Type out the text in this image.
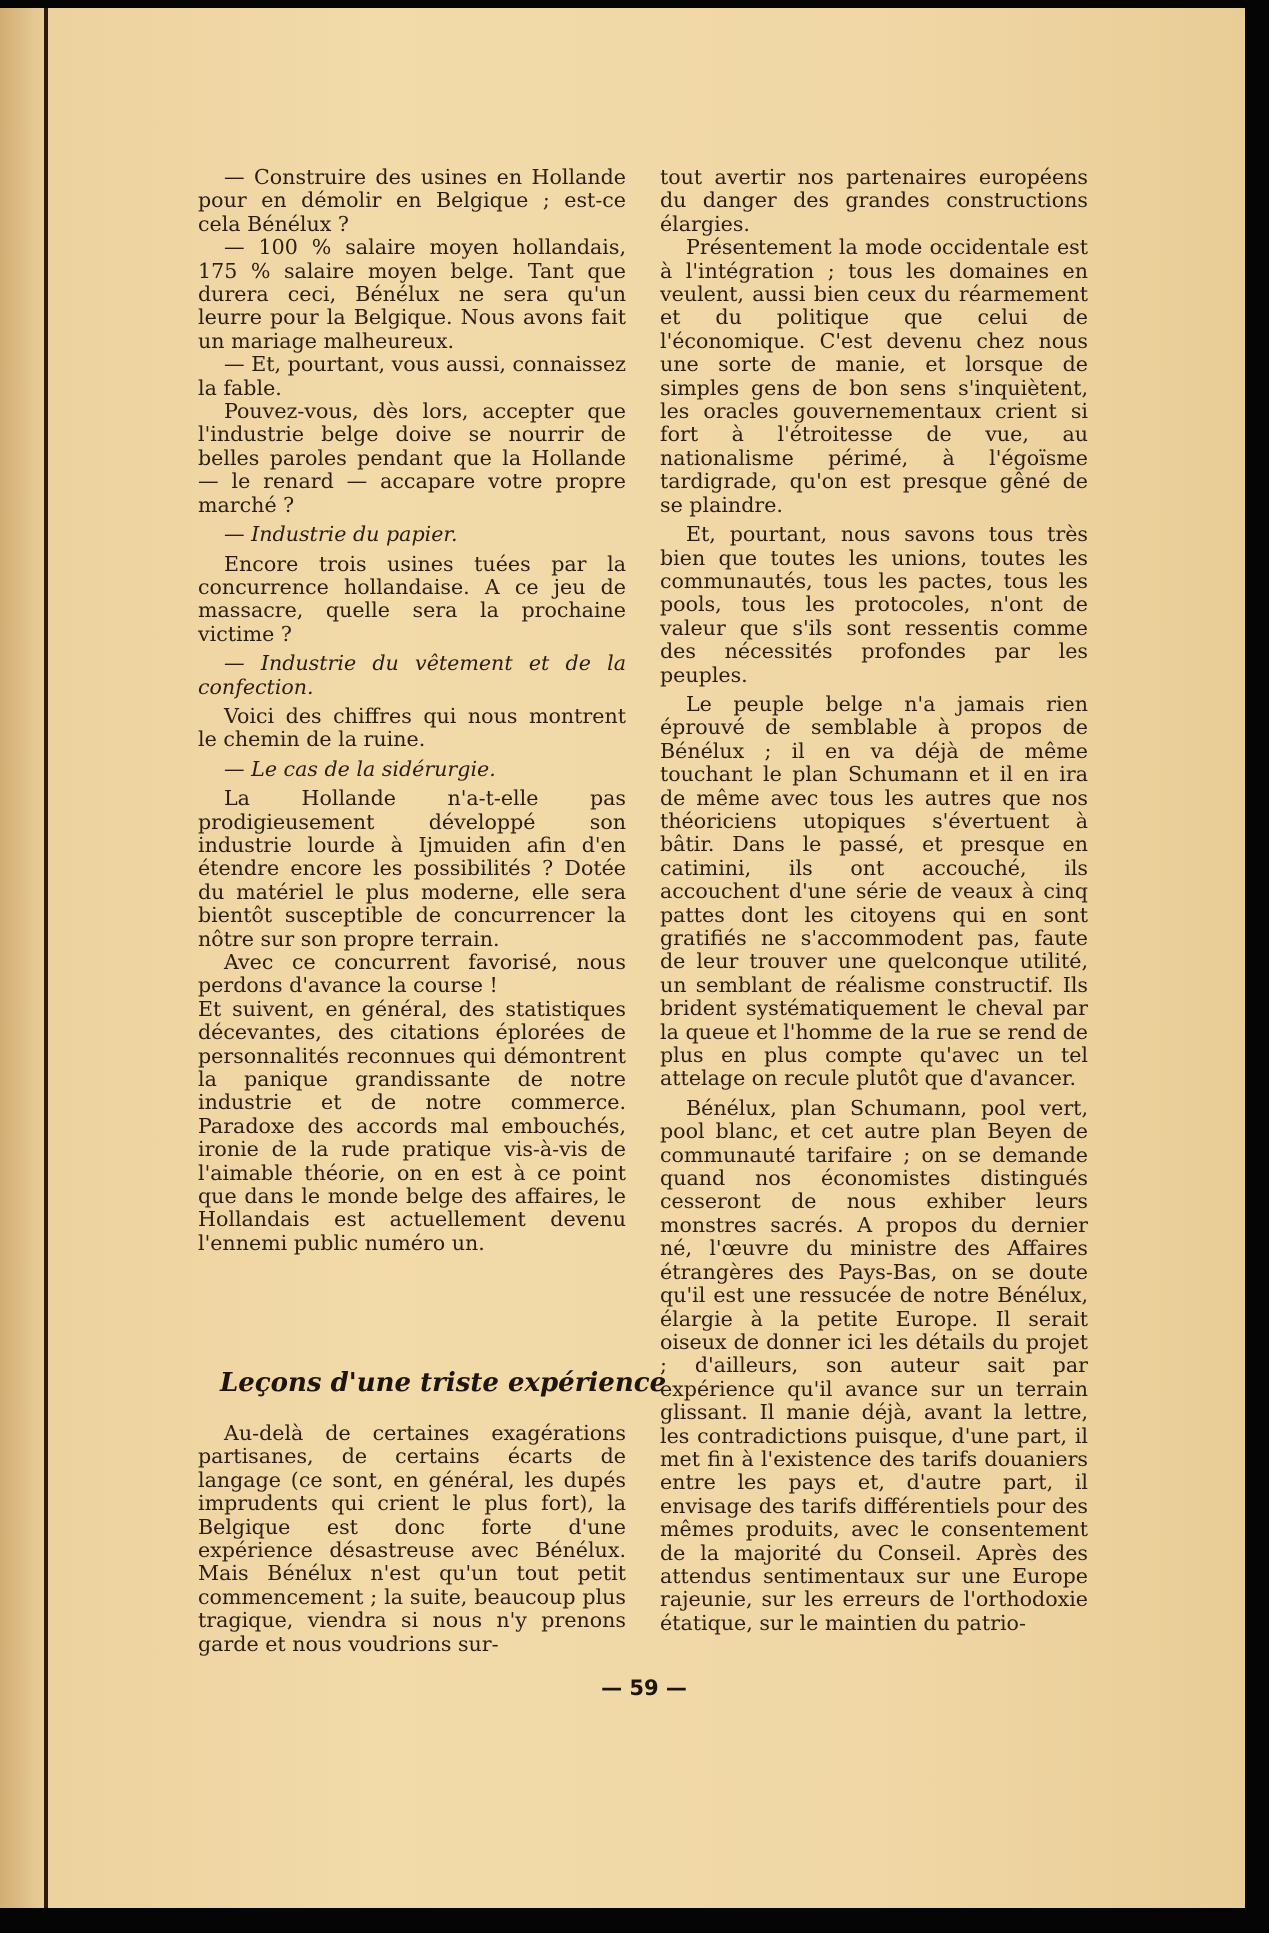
— Construire des usines en Hollande pour en démolir en Belgique ; est-ce cela Bénélux ?

— 100 % salaire moyen hollandais, 175 % salaire moyen belge. Tant que durera ceci, Bénélux ne sera qu'un leurre pour la Belgique. Nous avons fait un mariage malheureux.

— Et, pourtant, vous aussi, connaissez la fable.

Pouvez-vous, dès lors, accepter que l'industrie belge doive se nourrir de belles paroles pendant que la Hollande — le renard — accapare votre propre marché ?

— Industrie du papier.

Encore trois usines tuées par la concurrence hollandaise. A ce jeu de massacre, quelle sera la prochaine victime ?

— Industrie du vêtement et de la confection.

Voici des chiffres qui nous montrent le chemin de la ruine.

— Le cas de la sidérurgie.

La Hollande n'a-t-elle pas prodigieusement développé son industrie lourde à Ijmuiden afin d'en étendre encore les possibilités ? Dotée du matériel le plus moderne, elle sera bientôt susceptible de concurrencer la nôtre sur son propre terrain.

Avec ce concurrent favorisé, nous perdons d'avance la course !

Et suivent, en général, des statistiques décevantes, des citations éplorées de personnalités reconnues qui démontrent la panique grandissante de notre industrie et de notre commerce. Paradoxe des accords mal embouchés, ironie de la rude pratique vis-à-vis de l'aimable théorie, on en est à ce point que dans le monde belge des affaires, le Hollandais est actuellement devenu l'ennemi public numéro un.

Leçons d'une triste expérience

Au-delà de certaines exagérations partisanes, de certains écarts de langage (ce sont, en général, les dupés imprudents qui crient le plus fort), la Belgique est donc forte d'une expérience désastreuse avec Bénélux. Mais Bénélux n'est qu'un tout petit commencement ; la suite, beaucoup plus tragique, viendra si nous n'y prenons garde et nous voudrions sur-

tout avertir nos partenaires européens du danger des grandes constructions élargies.

Présentement la mode occidentale est à l'intégration ; tous les domaines en veulent, aussi bien ceux du réarmement et du politique que celui de l'économique. C'est devenu chez nous une sorte de manie, et lorsque de simples gens de bon sens s'inquiètent, les oracles gouvernementaux crient si fort à l'étroitesse de vue, au nationalisme périmé, à l'égoïsme tardigrade, qu'on est presque gêné de se plaindre.

Et, pourtant, nous savons tous très bien que toutes les unions, toutes les communautés, tous les pactes, tous les pools, tous les protocoles, n'ont de valeur que s'ils sont ressentis comme des nécessités profondes par les peuples.

Le peuple belge n'a jamais rien éprouvé de semblable à propos de Bénélux ; il en va déjà de même touchant le plan Schumann et il en ira de même avec tous les autres que nos théoriciens utopiques s'évertuent à bâtir. Dans le passé, et presque en catimini, ils ont accouché, ils accouchent d'une série de veaux à cinq pattes dont les citoyens qui en sont gratifiés ne s'accommodent pas, faute de leur trouver une quelconque utilité, un semblant de réalisme constructif. Ils brident systématiquement le cheval par la queue et l'homme de la rue se rend de plus en plus compte qu'avec un tel attelage on recule plutôt que d'avancer.

Bénélux, plan Schumann, pool vert, pool blanc, et cet autre plan Beyen de communauté tarifaire ; on se demande quand nos économistes distingués cesseront de nous exhiber leurs monstres sacrés. A propos du dernier né, l'œuvre du ministre des Affaires étrangères des Pays-Bas, on se doute qu'il est une ressucée de notre Bénélux, élargie à la petite Europe. Il serait oiseux de donner ici les détails du projet ; d'ailleurs, son auteur sait par expérience qu'il avance sur un terrain glissant. Il manie déjà, avant la lettre, les contradictions puisque, d'une part, il met fin à l'existence des tarifs douaniers entre les pays et, d'autre part, il envisage des tarifs différentiels pour des mêmes produits, avec le consentement de la majorité du Conseil. Après des attendus sentimentaux sur une Europe rajeunie, sur les erreurs de l'orthodoxie étatique, sur le maintien du patrio-

— 59 —
